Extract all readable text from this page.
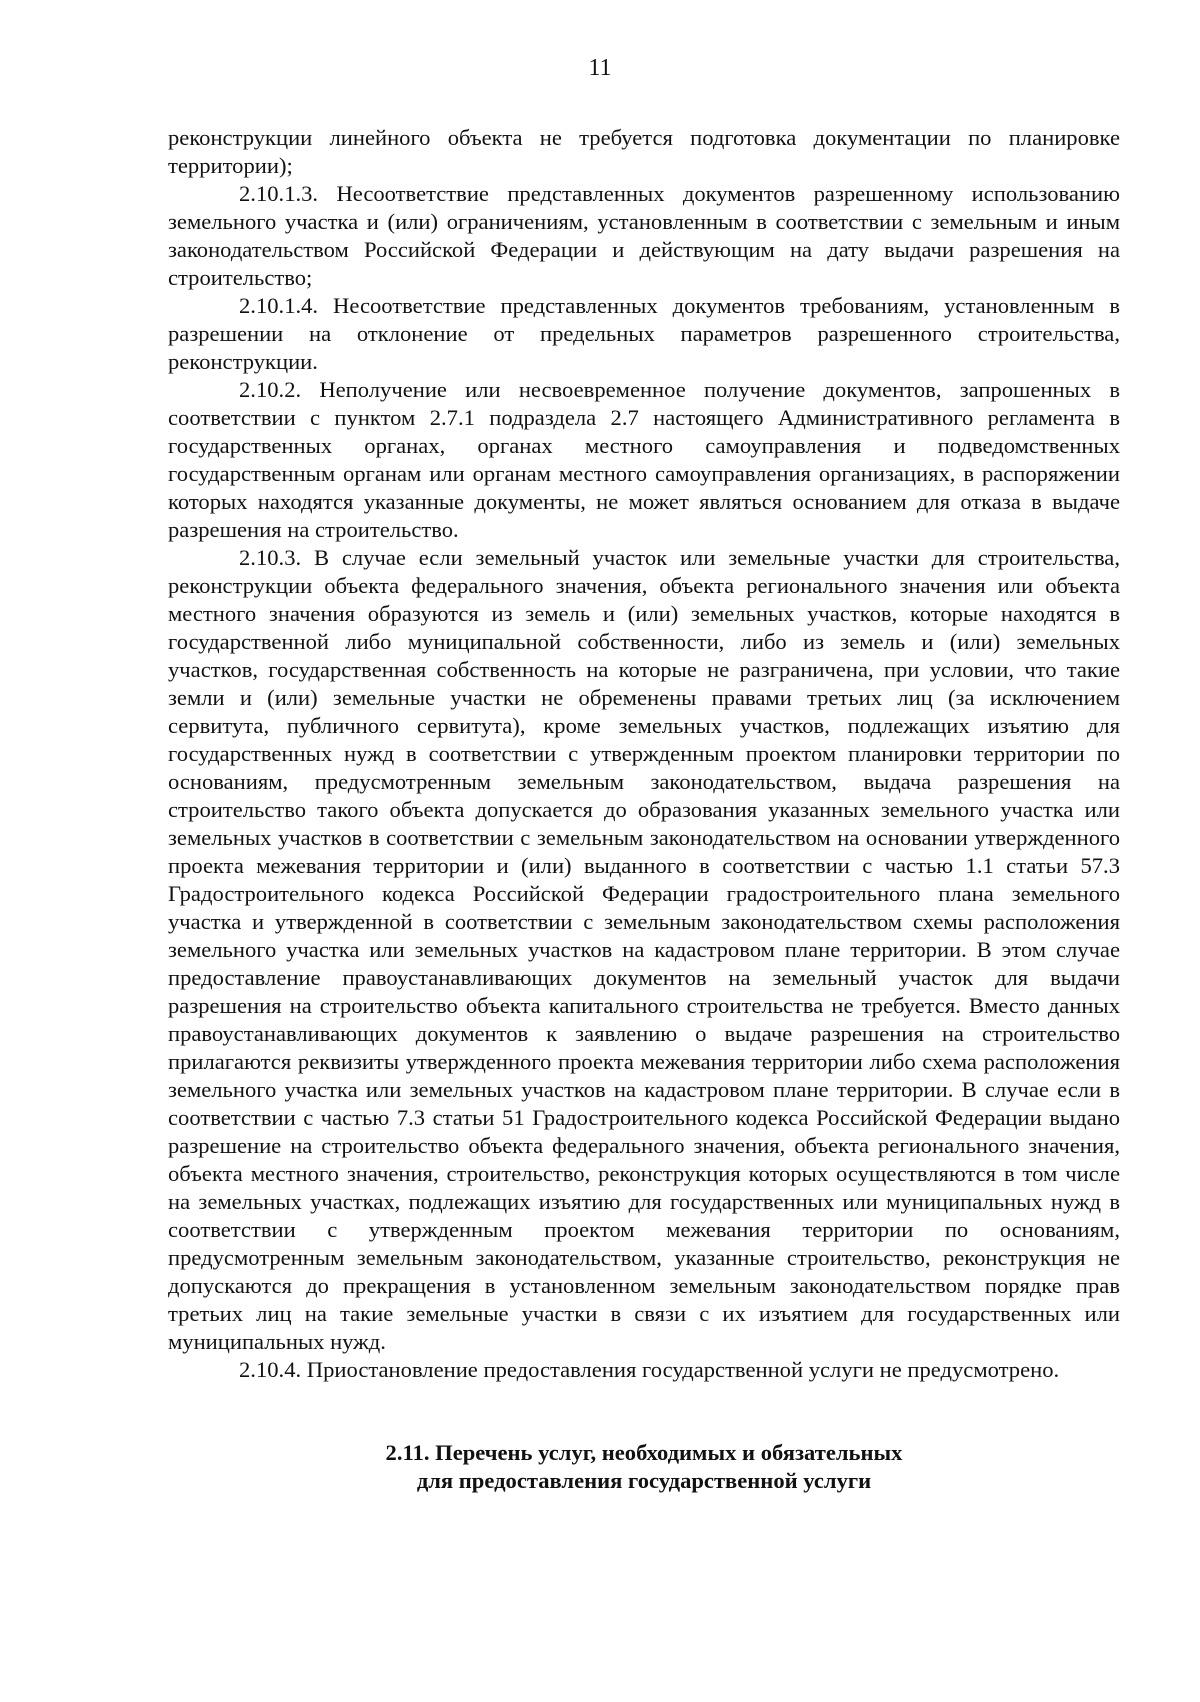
11

реконструкции линейного объекта не требуется подготовка документации по планировке территории);

2.10.1.3. Несоответствие представленных документов разрешенному использованию земельного участка и (или) ограничениям, установленным в соответствии с земельным и иным законодательством Российской Федерации и действующим на дату выдачи разрешения на строительство;

2.10.1.4. Несоответствие представленных документов требованиям, установленным в разрешении на отклонение от предельных параметров разрешенного строительства, реконструкции.

2.10.2. Неполучение или несвоевременное получение документов, запрошенных в соответствии с пунктом 2.7.1 подраздела 2.7 настоящего Административного регламента в государственных органах, органах местного самоуправления и подведомственных государственным органам или органам местного самоуправления организациях, в распоряжении которых находятся указанные документы, не может являться основанием для отказа в выдаче разрешения на строительство.

2.10.3. В случае если земельный участок или земельные участки для строительства, реконструкции объекта федерального значения, объекта регионального значения или объекта местного значения образуются из земель и (или) земельных участков, которые находятся в государственной либо муниципальной собственности, либо из земель и (или) земельных участков, государственная собственность на которые не разграничена, при условии, что такие земли и (или) земельные участки не обременены правами третьих лиц (за исключением сервитута, публичного сервитута), кроме земельных участков, подлежащих изъятию для государственных нужд в соответствии с утвержденным проектом планировки территории по основаниям, предусмотренным земельным законодательством, выдача разрешения на строительство такого объекта допускается до образования указанных земельного участка или земельных участков в соответствии с земельным законодательством на основании утвержденного проекта межевания территории и (или) выданного в соответствии с частью 1.1 статьи 57.3 Градостроительного кодекса Российской Федерации градостроительного плана земельного участка и утвержденной в соответствии с земельным законодательством схемы расположения земельного участка или земельных участков на кадастровом плане территории. В этом случае предоставление правоустанавливающих документов на земельный участок для выдачи разрешения на строительство объекта капитального строительства не требуется. Вместо данных правоустанавливающих документов к заявлению о выдаче разрешения на строительство прилагаются реквизиты утвержденного проекта межевания территории либо схема расположения земельного участка или земельных участков на кадастровом плане территории. В случае если в соответствии с частью 7.3 статьи 51 Градостроительного кодекса Российской Федерации выдано разрешение на строительство объекта федерального значения, объекта регионального значения, объекта местного значения, строительство, реконструкция которых осуществляются в том числе на земельных участках, подлежащих изъятию для государственных или муниципальных нужд в соответствии с утвержденным проектом межевания территории по основаниям, предусмотренным земельным законодательством, указанные строительство, реконструкция не допускаются до прекращения в установленном земельным законодательством порядке прав третьих лиц на такие земельные участки в связи с их изъятием для государственных или муниципальных нужд.

2.10.4. Приостановление предоставления государственной услуги не предусмотрено.

2.11. Перечень услуг, необходимых и обязательных
для предоставления государственной услуги
